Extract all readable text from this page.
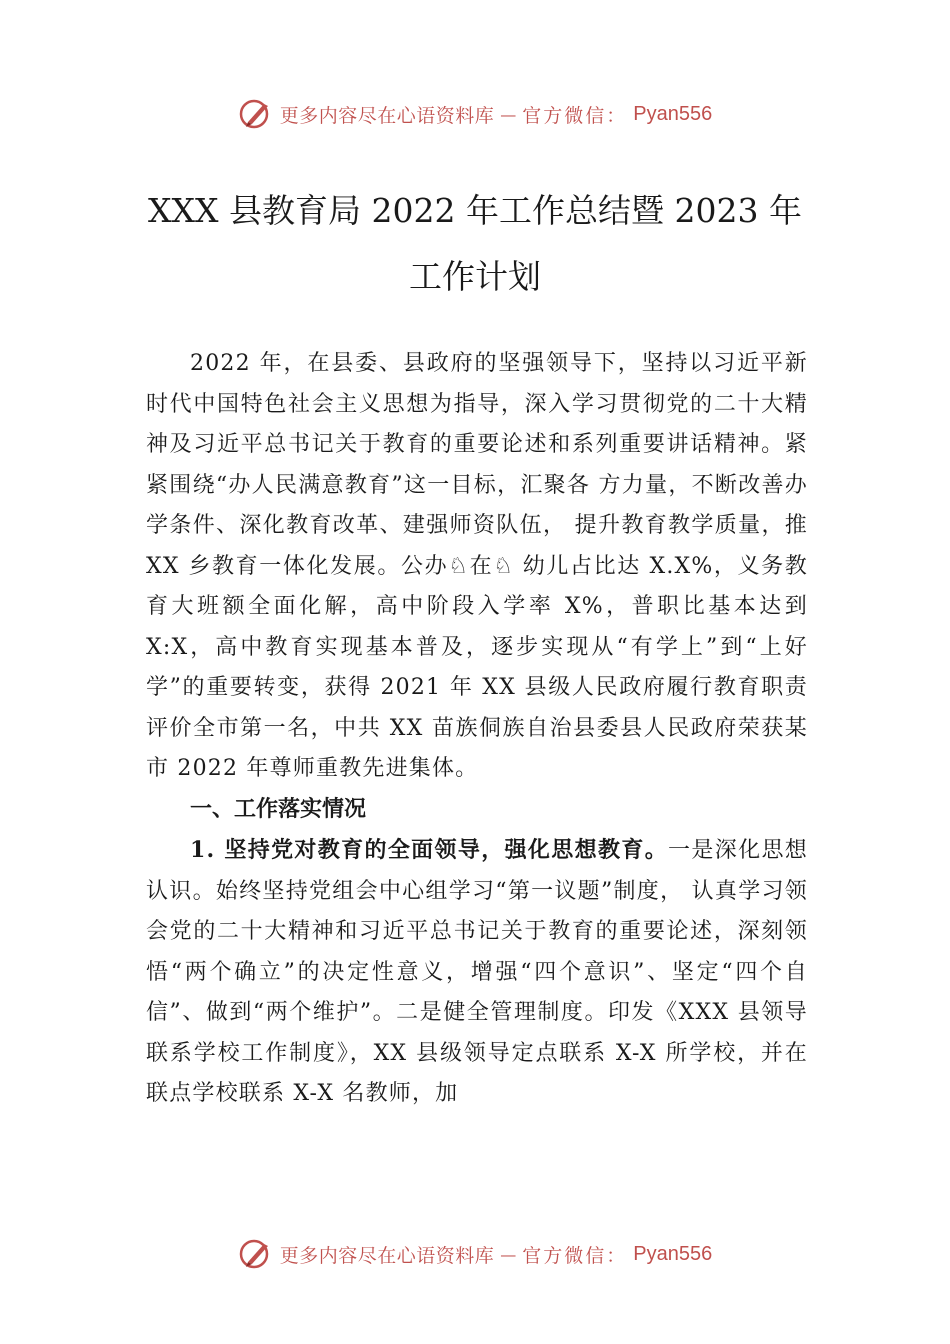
更多内容尽在心语资料库 — 官方微信： Pyan556
XXX 县教育局 2022 年工作总结暨 2023 年
工作计划

2022 年，在县委、县政府的坚强领导下，坚持以习近平新时代中国特色社会主义思想为指导，深入学习贯彻党的二十大精神及习近平总书记关于教育的重要论述和系列重要讲话精神。紧紧围绕“办人民满意教育”这一目标，汇聚各 方力量，不断改善办学条件、深化教育改革、建强师资队伍， 提升教育教学质量，推 XX 乡教育一体化发展。公办♘在♘ 幼儿占比达 X.X%，义务教育大班额全面化解，高中阶段入学率 X%，普职比基本达到 X:X，高中教育实现基本普及，逐步实现从“有学上”到“上好学”的重要转变，获得 2021 年 XX 县级人民政府履行教育职责评价全市第一名，中共 XX 苗族侗族自治县委县人民政府荣获某市 2022 年尊师重教先进集体。

一、工作落实情况

1. 坚持党对教育的全面领导，强化思想教育。一是深化思想认识。始终坚持党组会中心组学习“第一议题”制度， 认真学习领会党的二十大精神和习近平总书记关于教育的重要论述，深刻领悟“两个确立”的决定性意义，增强“四个意识”、坚定“四个自信”、做到“两个维护”。二是健全管理制度。印发《XXX 县领导联系学校工作制度》，XX 县级领导定点联系 X-X 所学校，并在联点学校联系 X-X 名教师，加

更多内容尽在心语资料库 — 官方微信： Pyan556
